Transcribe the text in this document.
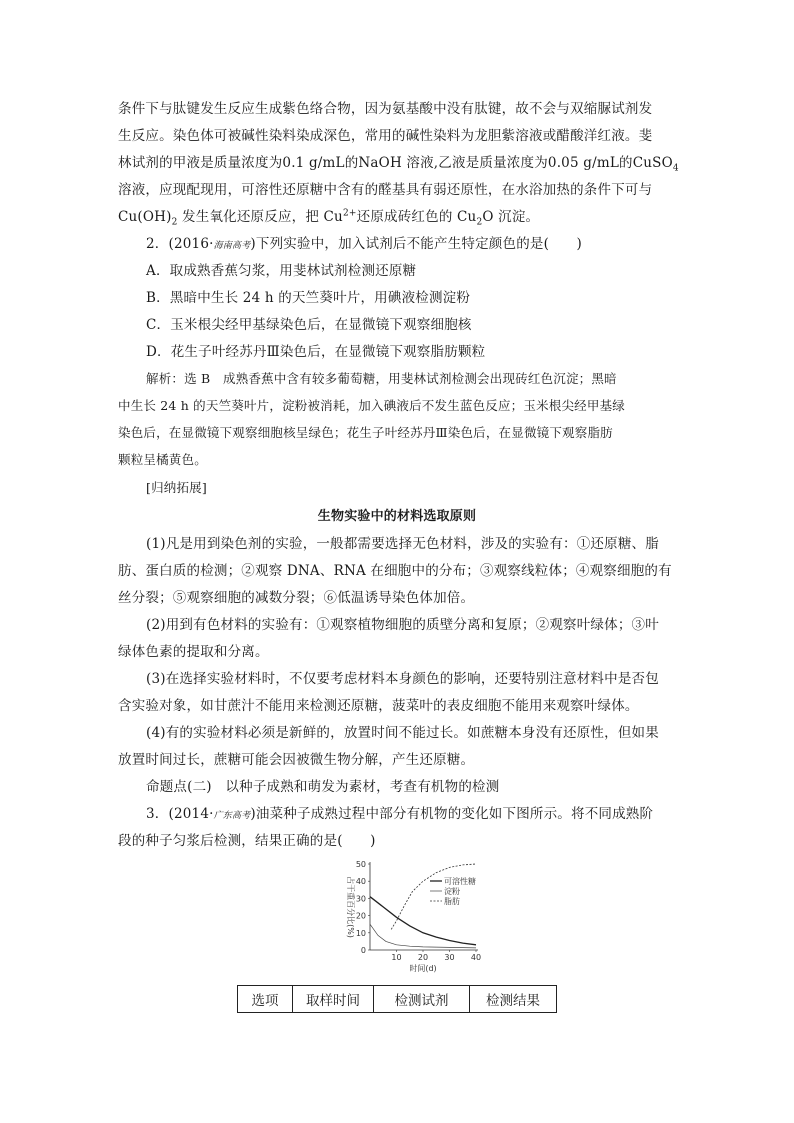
条件下与肽键发生反应生成紫色络合物，因为氨基酸中没有肽键，故不会与双缩脲试剂发
生反应。染色体可被碱性染料染成深色，常用的碱性染料为龙胆紫溶液或醋酸洋红液。斐
林试剂的甲液是质量浓度为0.1 g/mL的NaOH 溶液,乙液是质量浓度为0.05 g/mL的CuSO$_4$
溶液，应现配现用，可溶性还原糖中含有的醛基具有弱还原性，在水浴加热的条件下可与
$Cu(OH)_2$ 发生氧化还原反应，把 $Cu^{2+}$还原成砖红色的 $Cu_2O$ 沉淀。
2．(2016·海南高考)下列实验中，加入试剂后不能产生特定颜色的是(　　)
A．取成熟香蕉匀浆，用斐林试剂检测还原糖
B．黑暗中生长 24 h 的天竺葵叶片，用碘液检测淀粉
C．玉米根尖经甲基绿染色后，在显微镜下观察细胞核
D．花生子叶经苏丹Ⅲ染色后，在显微镜下观察脂肪颗粒
解析：选 B　成熟香蕉中含有较多葡萄糖，用斐林试剂检测会出现砖红色沉淀；黑暗
中生长 24 h 的天竺葵叶片，淀粉被消耗，加入碘液后不发生蓝色反应；玉米根尖经甲基绿
染色后，在显微镜下观察细胞核呈绿色；花生子叶经苏丹Ⅲ染色后，在显微镜下观察脂肪
颗粒呈橘黄色。
[归纳拓展]
生物实验中的材料选取原则
(1)凡是用到染色剂的实验，一般都需要选择无色材料，涉及的实验有：①还原糖、脂
肪、蛋白质的检测；②观察 DNA、RNA 在细胞中的分布；③观察线粒体；④观察细胞的有
丝分裂；⑤观察细胞的减数分裂；⑥低温诱导染色体加倍。
(2)用到有色材料的实验有：①观察植物细胞的质壁分离和复原；②观察叶绿体；③叶
绿体色素的提取和分离。
(3)在选择实验材料时，不仅要考虑材料本身颜色的影响，还要特别注意材料中是否包
含实验对象，如甘蔗汁不能用来检测还原糖，菠菜叶的表皮细胞不能用来观察叶绿体。
(4)有的实验材料必须是新鲜的，放置时间不能过长。如蔗糖本身没有还原性，但如果
放置时间过长，蔗糖可能会因被微生物分解，产生还原糖。
命题点(二)　以种子成熟和萌发为素材，考查有机物的检测
3．(2014·广东高考)油菜种子成熟过程中部分有机物的变化如下图所示。将不同成熟阶
段的种子匀浆后检测，结果正确的是(　　)
0
10
20
30
40
50
10 20 30 40
时间(d)
占干重百分比(%)	可溶性糖
淀粉
脂肪
选项	取样时间	检测试剂	检测结果
